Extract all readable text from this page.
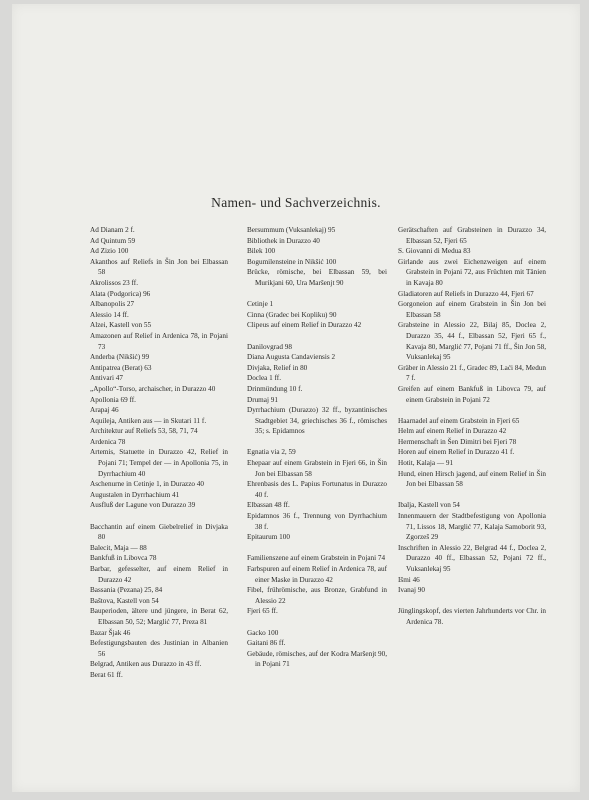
Namen- und Sachverzeichnis.
Ad Dianam 2 f.
Ad Quintum 59
Ad Zizio 100
Akanthos auf Reliefs in Šin Jon bei Elbassan 58
Akrolissos 23 ff.
Alata (Podgorica) 96
Albanopolis 27
Alessio 14 ff.
Alzei, Kastell von 55
Amazonen auf Relief in Ardenica 78, in Pojani 73
Anderba (Nikšić) 99
Antipatrea (Berat) 63
Antivari 47
„Apollo“-Torso, archaischer, in Durazzo 40
Apollonia 69 ff.
Arapaj 46
Aquileja, Antiken aus — in Skutari 11 f.
Architektur auf Reliefs 53, 58, 71, 74
Ardenica 78
Artemis, Statuette in Durazzo 42, Relief in Pojani 71; Tempel der — in Apollonia 75, in Dyrrhachium 40
Aschenurne in Cetinje 1, in Durazzo 40
Augustalen in Dyrrhachium 41
Ausfluß der Lagune von Durazzo 39
Bacchantin auf einem Giebelrelief in Divjaka 80
Balecit, Maja — 88
Bankfuß in Libovca 78
Barbar, gefesselter, auf einem Relief in Durazzo 42
Bassania (Pezana) 25, 84
Baštova, Kastell von 54
Bauperioden, ältere und jüngere, in Berat 62, Elbassan 50, 52; Marglić 77, Preza 81
Bazar Šjak 46
Befestigungsbauten des Justinian in Albanien 56
Belgrad, Antiken aus Durazzo in 43 ff.
Berat 61 ff.
Bersummum (Vuksanlekaj) 95
Bibliothek in Durazzo 40
Bilek 100
Bogumilensteine in Nikšić 100
Brücke, römische, bei Elbassan 59, bei Murikjani 60, Ura Maršenjt 90
Cetinje 1
Cinna (Gradec bei Kopliku) 90
Clipeus auf einem Relief in Durazzo 42
Danilovgrad 98
Diana Augusta Candaviensis 2
Divjaka, Relief in 80
Doclea 1 ff.
Drinmündung 10 f.
Drumaj 91
Dyrrhachium (Durazzo) 32 ff., byzantinisches Stadtgebiet 34, griechisches 36 f., römisches 35; s. Epidamnos
Egnatia via 2, 59
Ehepaar auf einem Grabstein in Fjeri 66, in Šin Jon bei Elbassan 58
Ehrenbasis des L. Papius Fortunatus in Durazzo 40 f.
Elbassan 48 ff.
Epidamnos 36 f., Trennung von Dyrrhachium 38 f.
Epitaurum 100
Familienszene auf einem Grabstein in Pojani 74
Farbspuren auf einem Relief in Ardenica 78, auf einer Maske in Durazzo 42
Fibel, frührömische, aus Bronze, Grabfund in Alessio 22
Fjeri 65 ff.
Gacko 100
Gaitani 86 ff.
Gebäude, römisches, auf der Kodra Maršenjt 90, in Pojani 71
Gerätschaften auf Grabsteinen in Durazzo 34, Elbassan 52, Fjeri 65
S. Giovanni di Medua 83
Girlande aus zwei Eichenzweigen auf einem Grabstein in Pojani 72, aus Früchten mit Tänien in Kavaja 80
Gladiatoren auf Reliefs in Durazzo 44, Fjeri 67
Gorgoneion auf einem Grabstein in Šin Jon bei Elbassan 58
Grabsteine in Alessio 22, Bilaj 85, Doclea 2, Durazzo 35, 44 f., Elbassan 52, Fjeri 65 f., Kavaja 80, Marglić 77, Pojani 71 ff., Šin Jon 58, Vuksanlekaj 95
Gräber in Alessio 21 f., Gradec 89, Laći 84, Medun 7 f.
Greifen auf einem Bankfuß in Libovca 79, auf einem Grabstein in Pojani 72
Haarnadel auf einem Grabstein in Fjeri 65
Helm auf einem Relief in Durazzo 42
Hermenschaft in Šen Dimitri bei Fjeri 78
Horen auf einem Relief in Durazzo 41 f.
Hotit, Kalaja — 91
Hund, einen Hirsch jagend, auf einem Relief in Šin Jon bei Elbassan 58
Ibalja, Kastell von 54
Innenmauern der Stadtbefestigung von Apollonia 71, Lissos 18, Marglić 77, Kalaja Samoborit 93, Zgorzeš 29
Inschriften in Alessio 22, Belgrad 44 f., Doclea 2, Durazzo 40 ff., Elbassan 52, Pojani 72 ff., Vuksanlekaj 95
Išmi 46
Ivanaj 90
Jünglingskopf, des vierten Jahrhunderts vor Chr. in Ardenica 78.
